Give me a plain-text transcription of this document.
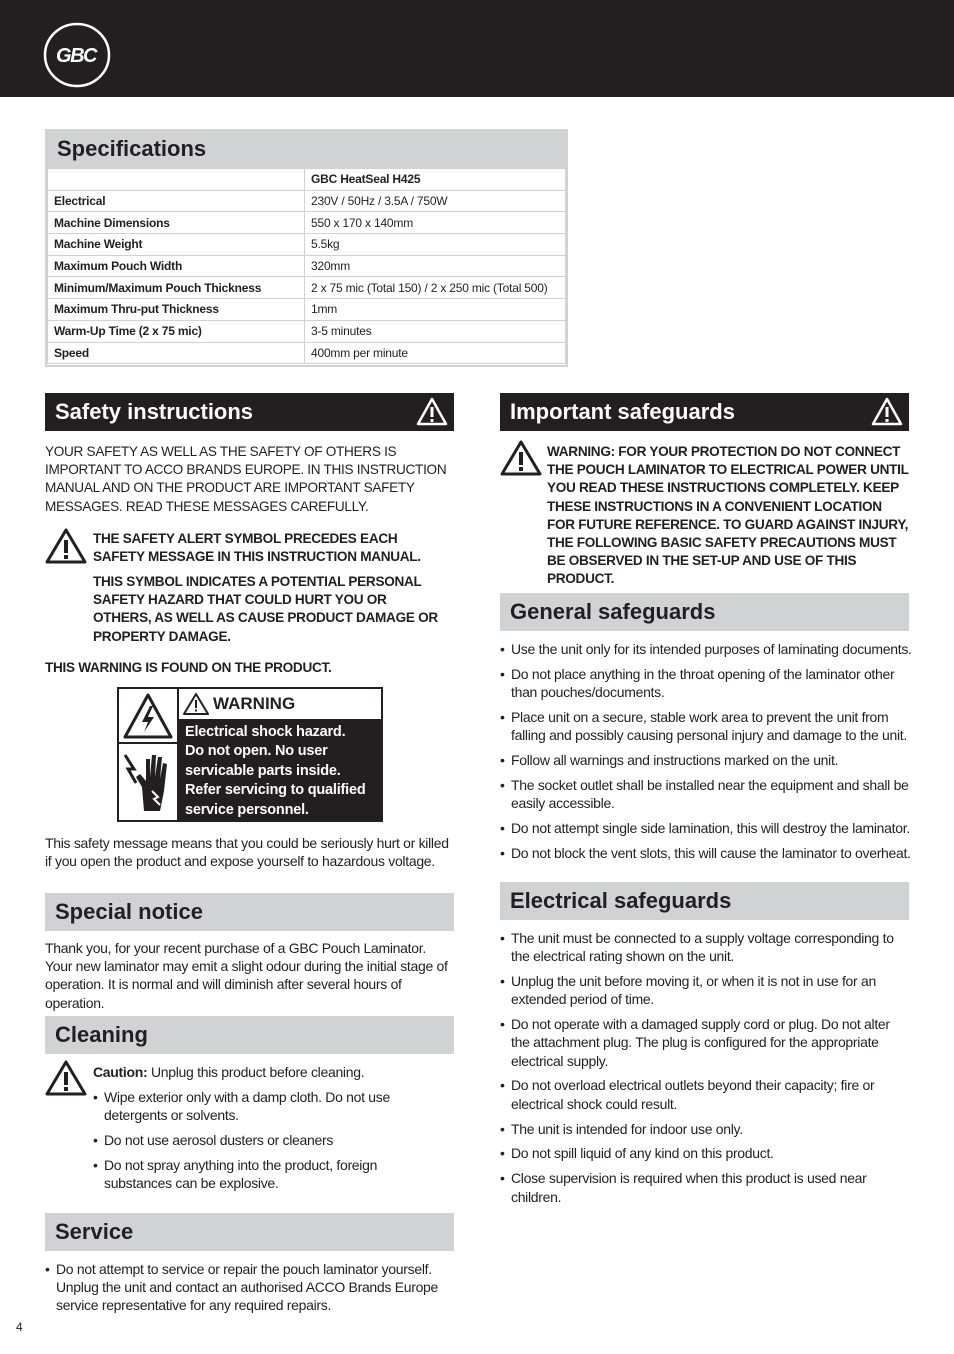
GBC
Specifications
	GBC HeatSeal H425
Electrical	230V / 50Hz / 3.5A / 750W
Machine Dimensions	550 x 170 x 140mm
Machine Weight	5.5kg
Maximum Pouch Width	320mm
Minimum/Maximum Pouch Thickness	2 x 75 mic (Total 150) / 2 x 250 mic (Total 500)
Maximum Thru-put Thickness	1mm
Warm-Up Time (2 x 75 mic)	3-5 minutes
Speed	400mm per minute
Safety instructions
YOUR SAFETY AS WELL AS THE SAFETY OF OTHERS IS IMPORTANT TO ACCO BRANDS EUROPE. IN THIS INSTRUCTION MANUAL AND ON THE PRODUCT ARE IMPORTANT SAFETY MESSAGES. READ THESE MESSAGES CAREFULLY.
THE SAFETY ALERT SYMBOL PRECEDES EACH SAFETY MESSAGE IN THIS INSTRUCTION MANUAL.
THIS SYMBOL INDICATES A POTENTIAL PERSONAL SAFETY HAZARD THAT COULD HURT YOU OR OTHERS, AS WELL AS CAUSE PRODUCT DAMAGE OR PROPERTY DAMAGE.
THIS WARNING IS FOUND ON THE PRODUCT.
WARNING
Electrical shock hazard.
Do not open. No user
servicable parts inside.
Refer servicing to qualified
service personnel.
This safety message means that you could be seriously hurt or killed if you open the product and expose yourself to hazardous voltage.
Special notice
Thank you, for your recent purchase of a GBC Pouch Laminator. Your new laminator may emit a slight odour during the initial stage of operation. It is normal and will diminish after several hours of operation.
Cleaning
Caution: Unplug this product before cleaning.
• Wipe exterior only with a damp cloth. Do not use detergents or solvents.
• Do not use aerosol dusters or cleaners
• Do not spray anything into the product, foreign substances can be explosive.
Service
• Do not attempt to service or repair the pouch laminator yourself. Unplug the unit and contact an authorised ACCO Brands Europe service representative for any required repairs.
Important safeguards
WARNING: FOR YOUR PROTECTION DO NOT CONNECT THE POUCH LAMINATOR TO ELECTRICAL POWER UNTIL YOU READ THESE INSTRUCTIONS COMPLETELY. KEEP THESE INSTRUCTIONS IN A CONVENIENT LOCATION FOR FUTURE REFERENCE. TO GUARD AGAINST INJURY, THE FOLLOWING BASIC SAFETY PRECAUTIONS MUST BE OBSERVED IN THE SET-UP AND USE OF THIS PRODUCT.
General safeguards
• Use the unit only for its intended purposes of laminating documents.
• Do not place anything in the throat opening of the laminator other than pouches/documents.
• Place unit on a secure, stable work area to prevent the unit from falling and possibly causing personal injury and damage to the unit.
• Follow all warnings and instructions marked on the unit.
• The socket outlet shall be installed near the equipment and shall be easily accessible.
• Do not attempt single side lamination, this will destroy the laminator.
• Do not block the vent slots, this will cause the laminator to overheat.
Electrical safeguards
• The unit must be connected to a supply voltage corresponding to the electrical rating shown on the unit.
• Unplug the unit before moving it, or when it is not in use for an extended period of time.
• Do not operate with a damaged supply cord or plug. Do not alter the attachment plug. The plug is configured for the appropriate electrical supply.
• Do not overload electrical outlets beyond their capacity; fire or electrical shock could result.
• The unit is intended for indoor use only.
• Do not spill liquid of any kind on this product.
• Close supervision is required when this product is used near children.
4
